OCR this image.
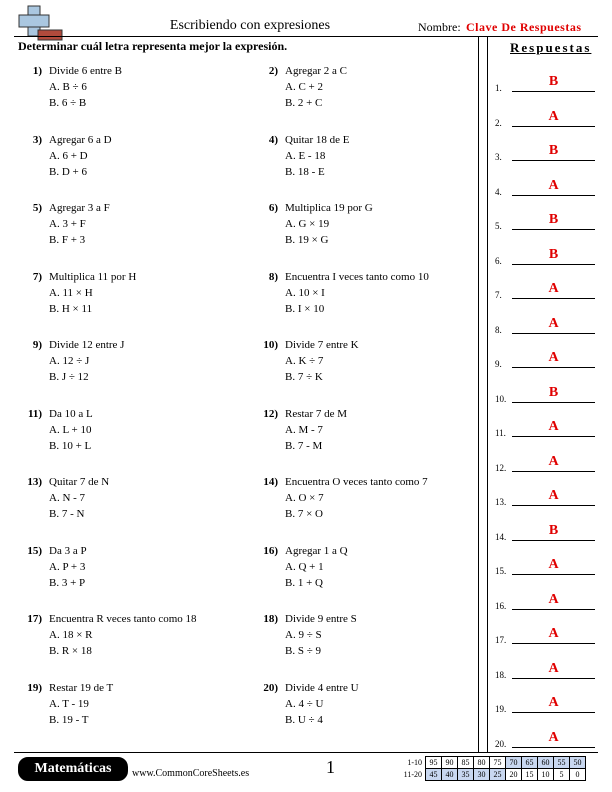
Escribiendo con expresiones	Nombre: Clave De Respuestas
Determinar cuál letra representa mejor la expresión.	Respuestas
1) Divide 6 entre B
A. B ÷ 6
B. 6 ÷ B
2) Agregar 2 a C
A. C + 2
B. 2 + C
3) Agregar 6 a D
A. 6 + D
B. D + 6
4) Quitar 18 de E
A. E - 18
B. 18 - E
5) Agregar 3 a F
A. 3 + F
B. F + 3
6) Multiplica 19 por G
A. G × 19
B. 19 × G
7) Multiplica 11 por H
A. 11 × H
B. H × 11
8) Encuentra I veces tanto como 10
A. 10 × I
B. I × 10
9) Divide 12 entre J
A. 12 ÷ J
B. J ÷ 12
10) Divide 7 entre K
A. K ÷ 7
B. 7 ÷ K
11) Da 10 a L
A. L + 10
B. 10 + L
12) Restar 7 de M
A. M - 7
B. 7 - M
13) Quitar 7 de N
A. N - 7
B. 7 - N
14) Encuentra O veces tanto como 7
A. O × 7
B. 7 × O
15) Da 3 a P
A. P + 3
B. 3 + P
16) Agregar 1 a Q
A. Q + 1
B. 1 + Q
17) Encuentra R veces tanto como 18
A. 18 × R
B. R × 18
18) Divide 9 entre S
A. 9 ÷ S
B. S ÷ 9
19) Restar 19 de T
A. T - 19
B. 19 - T
20) Divide 4 entre U
A. 4 ÷ U
B. U ÷ 4
1.	B
2.	A
3.	B
4.	A
5.	B
6.	B
7.	A
8.	A
9.	A
10.	B
11.	A
12.	A
13.	A
14.	B
15.	A
16.	A
17.	A
18.	A
19.	A
20.	A
Matemáticas	www.CommonCoreSheets.es	1	1-10	95	90	85	80	75	70	65	60	55	50
11-20	45	40	35	30	25	20	15	10	5	0
